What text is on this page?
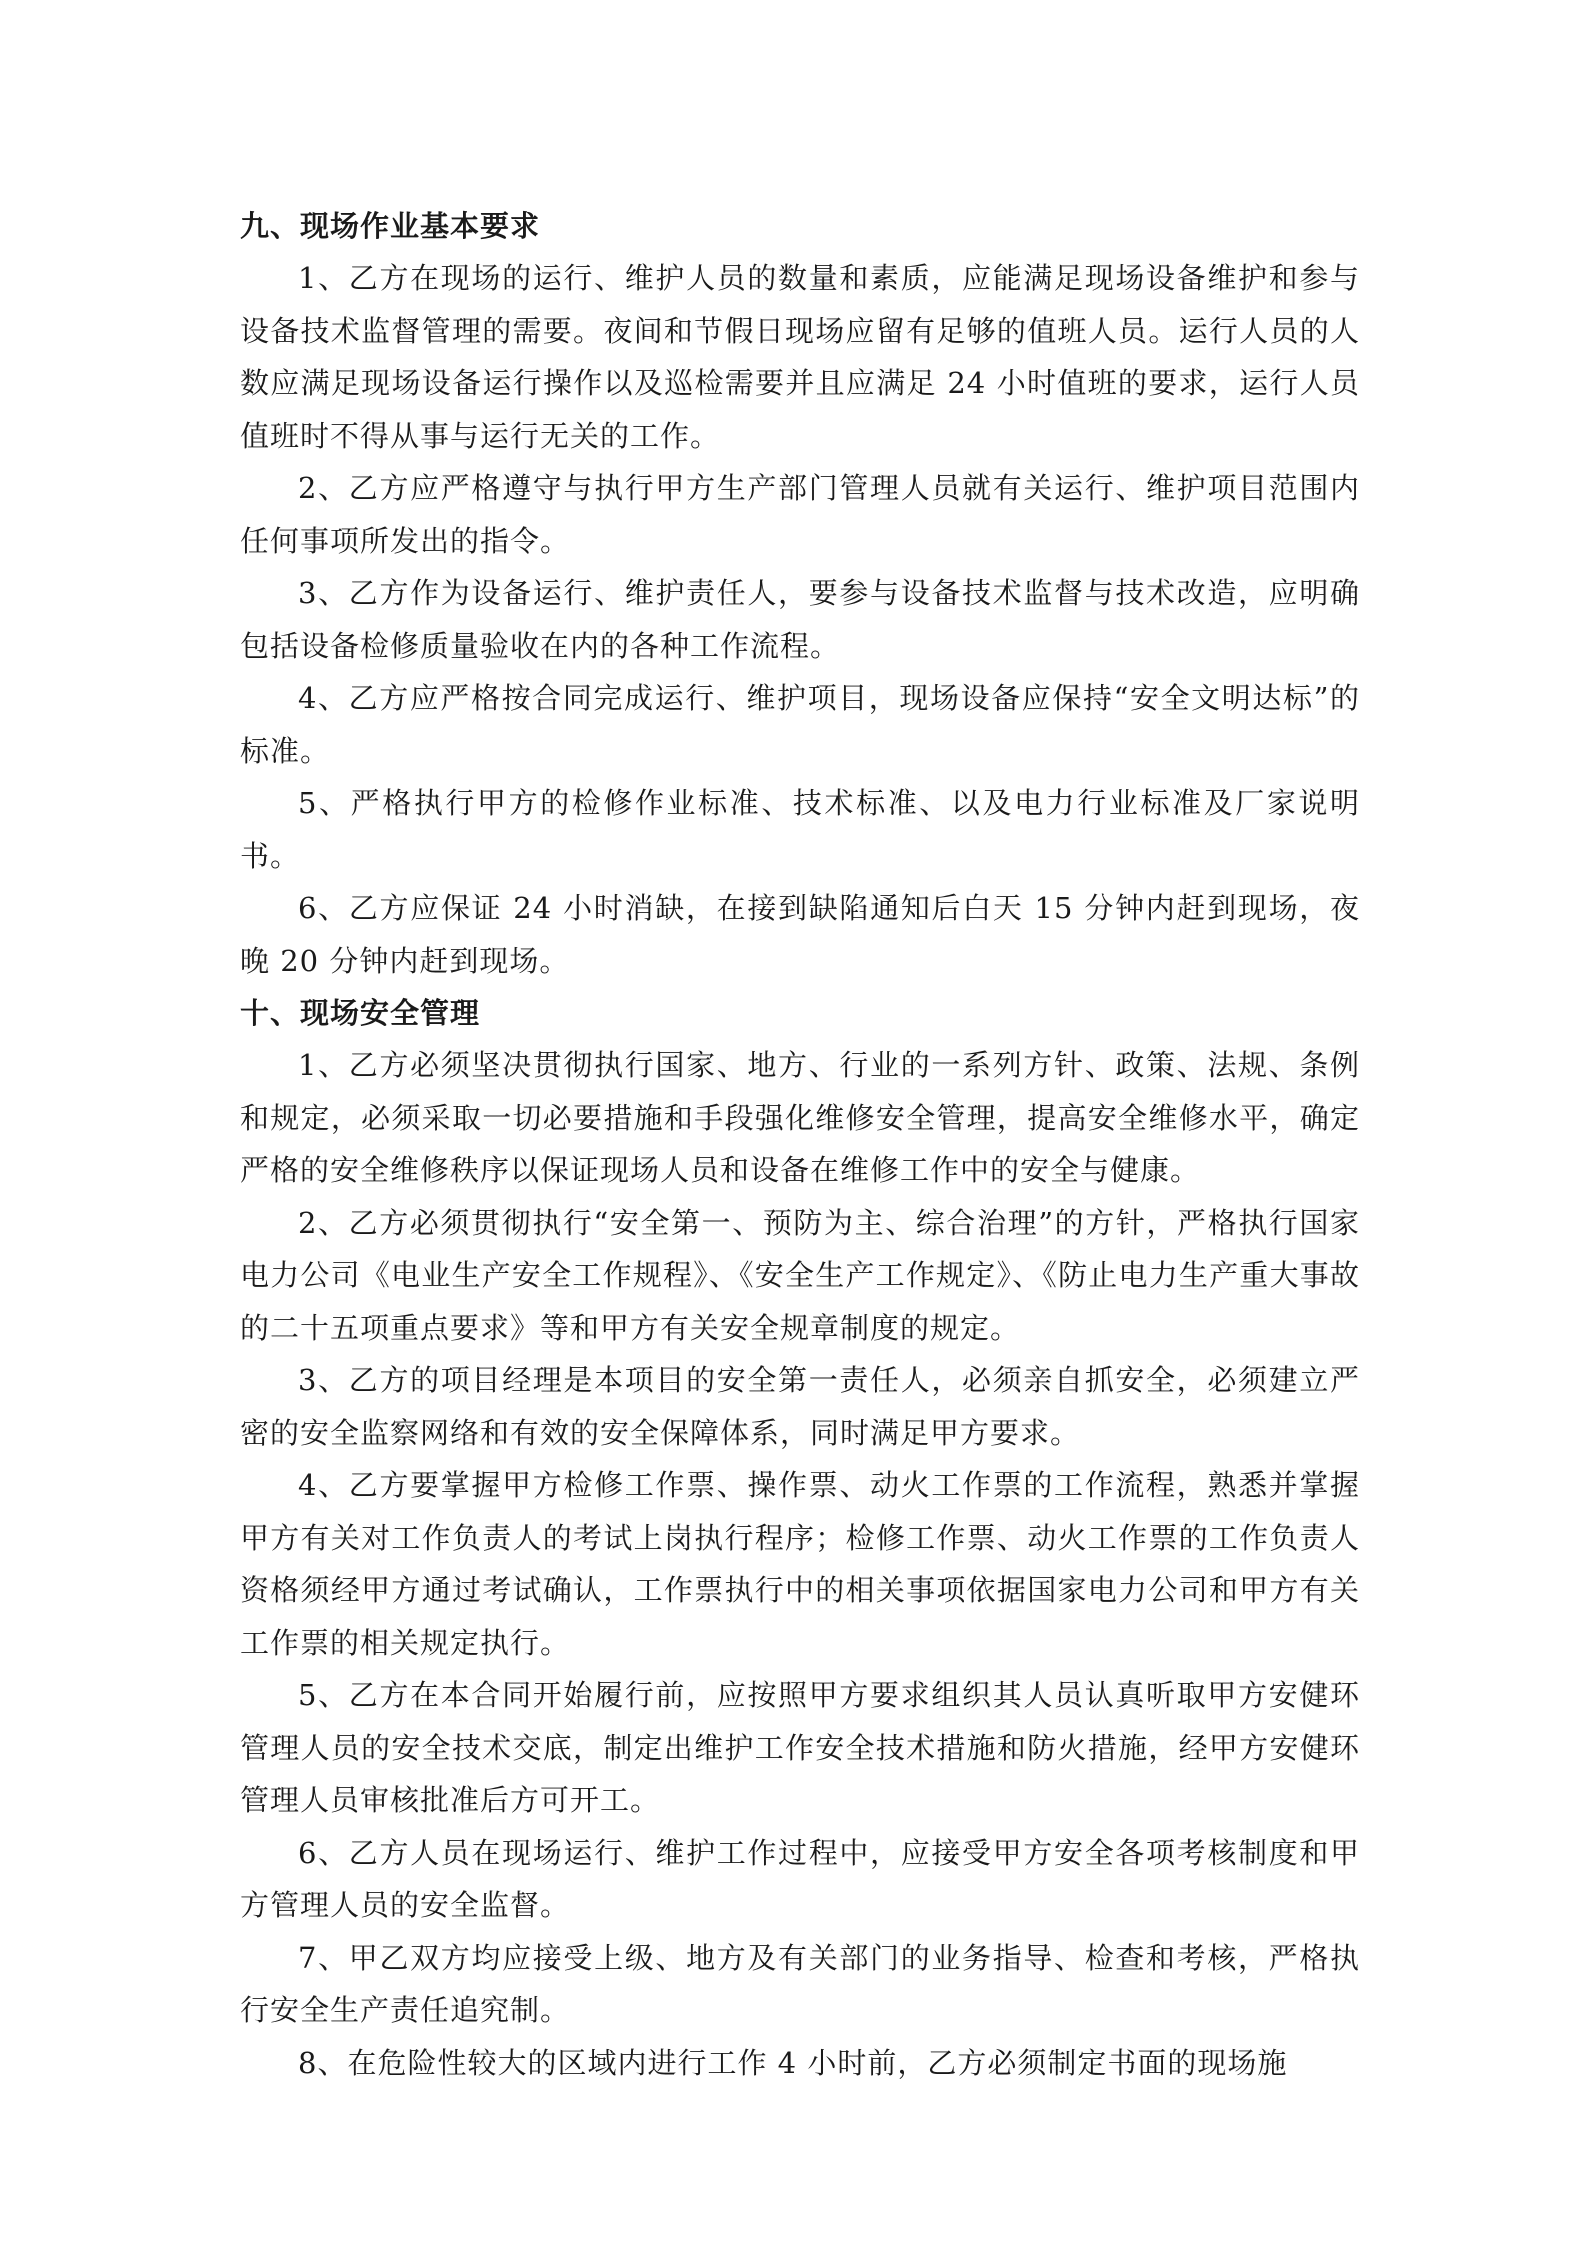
九、现场作业基本要求

1、乙方在现场的运行、维护人员的数量和素质，应能满足现场设备维护和参与设备技术监督管理的需要。夜间和节假日现场应留有足够的值班人员。运行人员的人数应满足现场设备运行操作以及巡检需要并且应满足 24 小时值班的要求，运行人员值班时不得从事与运行无关的工作。

2、乙方应严格遵守与执行甲方生产部门管理人员就有关运行、维护项目范围内任何事项所发出的指令。

3、乙方作为设备运行、维护责任人，要参与设备技术监督与技术改造，应明确包括设备检修质量验收在内的各种工作流程。

4、乙方应严格按合同完成运行、维护项目，现场设备应保持“安全文明达标”的标准。

5、严格执行甲方的检修作业标准、技术标准、以及电力行业标准及厂家说明书。

6、乙方应保证 24 小时消缺，在接到缺陷通知后白天 15 分钟内赶到现场，夜晚 20 分钟内赶到现场。

十、现场安全管理

1、乙方必须坚决贯彻执行国家、地方、行业的一系列方针、政策、法规、条例和规定，必须采取一切必要措施和手段强化维修安全管理，提高安全维修水平，确定严格的安全维修秩序以保证现场人员和设备在维修工作中的安全与健康。

2、乙方必须贯彻执行“安全第一、预防为主、综合治理”的方针，严格执行国家电力公司《电业生产安全工作规程》、《安全生产工作规定》、《防止电力生产重大事故的二十五项重点要求》等和甲方有关安全规章制度的规定。

3、乙方的项目经理是本项目的安全第一责任人，必须亲自抓安全，必须建立严密的安全监察网络和有效的安全保障体系，同时满足甲方要求。

4、乙方要掌握甲方检修工作票、操作票、动火工作票的工作流程，熟悉并掌握甲方有关对工作负责人的考试上岗执行程序；检修工作票、动火工作票的工作负责人资格须经甲方通过考试确认，工作票执行中的相关事项依据国家电力公司和甲方有关工作票的相关规定执行。

5、乙方在本合同开始履行前，应按照甲方要求组织其人员认真听取甲方安健环管理人员的安全技术交底，制定出维护工作安全技术措施和防火措施，经甲方安健环管理人员审核批准后方可开工。

6、乙方人员在现场运行、维护工作过程中，应接受甲方安全各项考核制度和甲方管理人员的安全监督。

7、甲乙双方均应接受上级、地方及有关部门的业务指导、检查和考核，严格执行安全生产责任追究制。

8、在危险性较大的区域内进行工作 4 小时前，乙方必须制定书面的现场施
